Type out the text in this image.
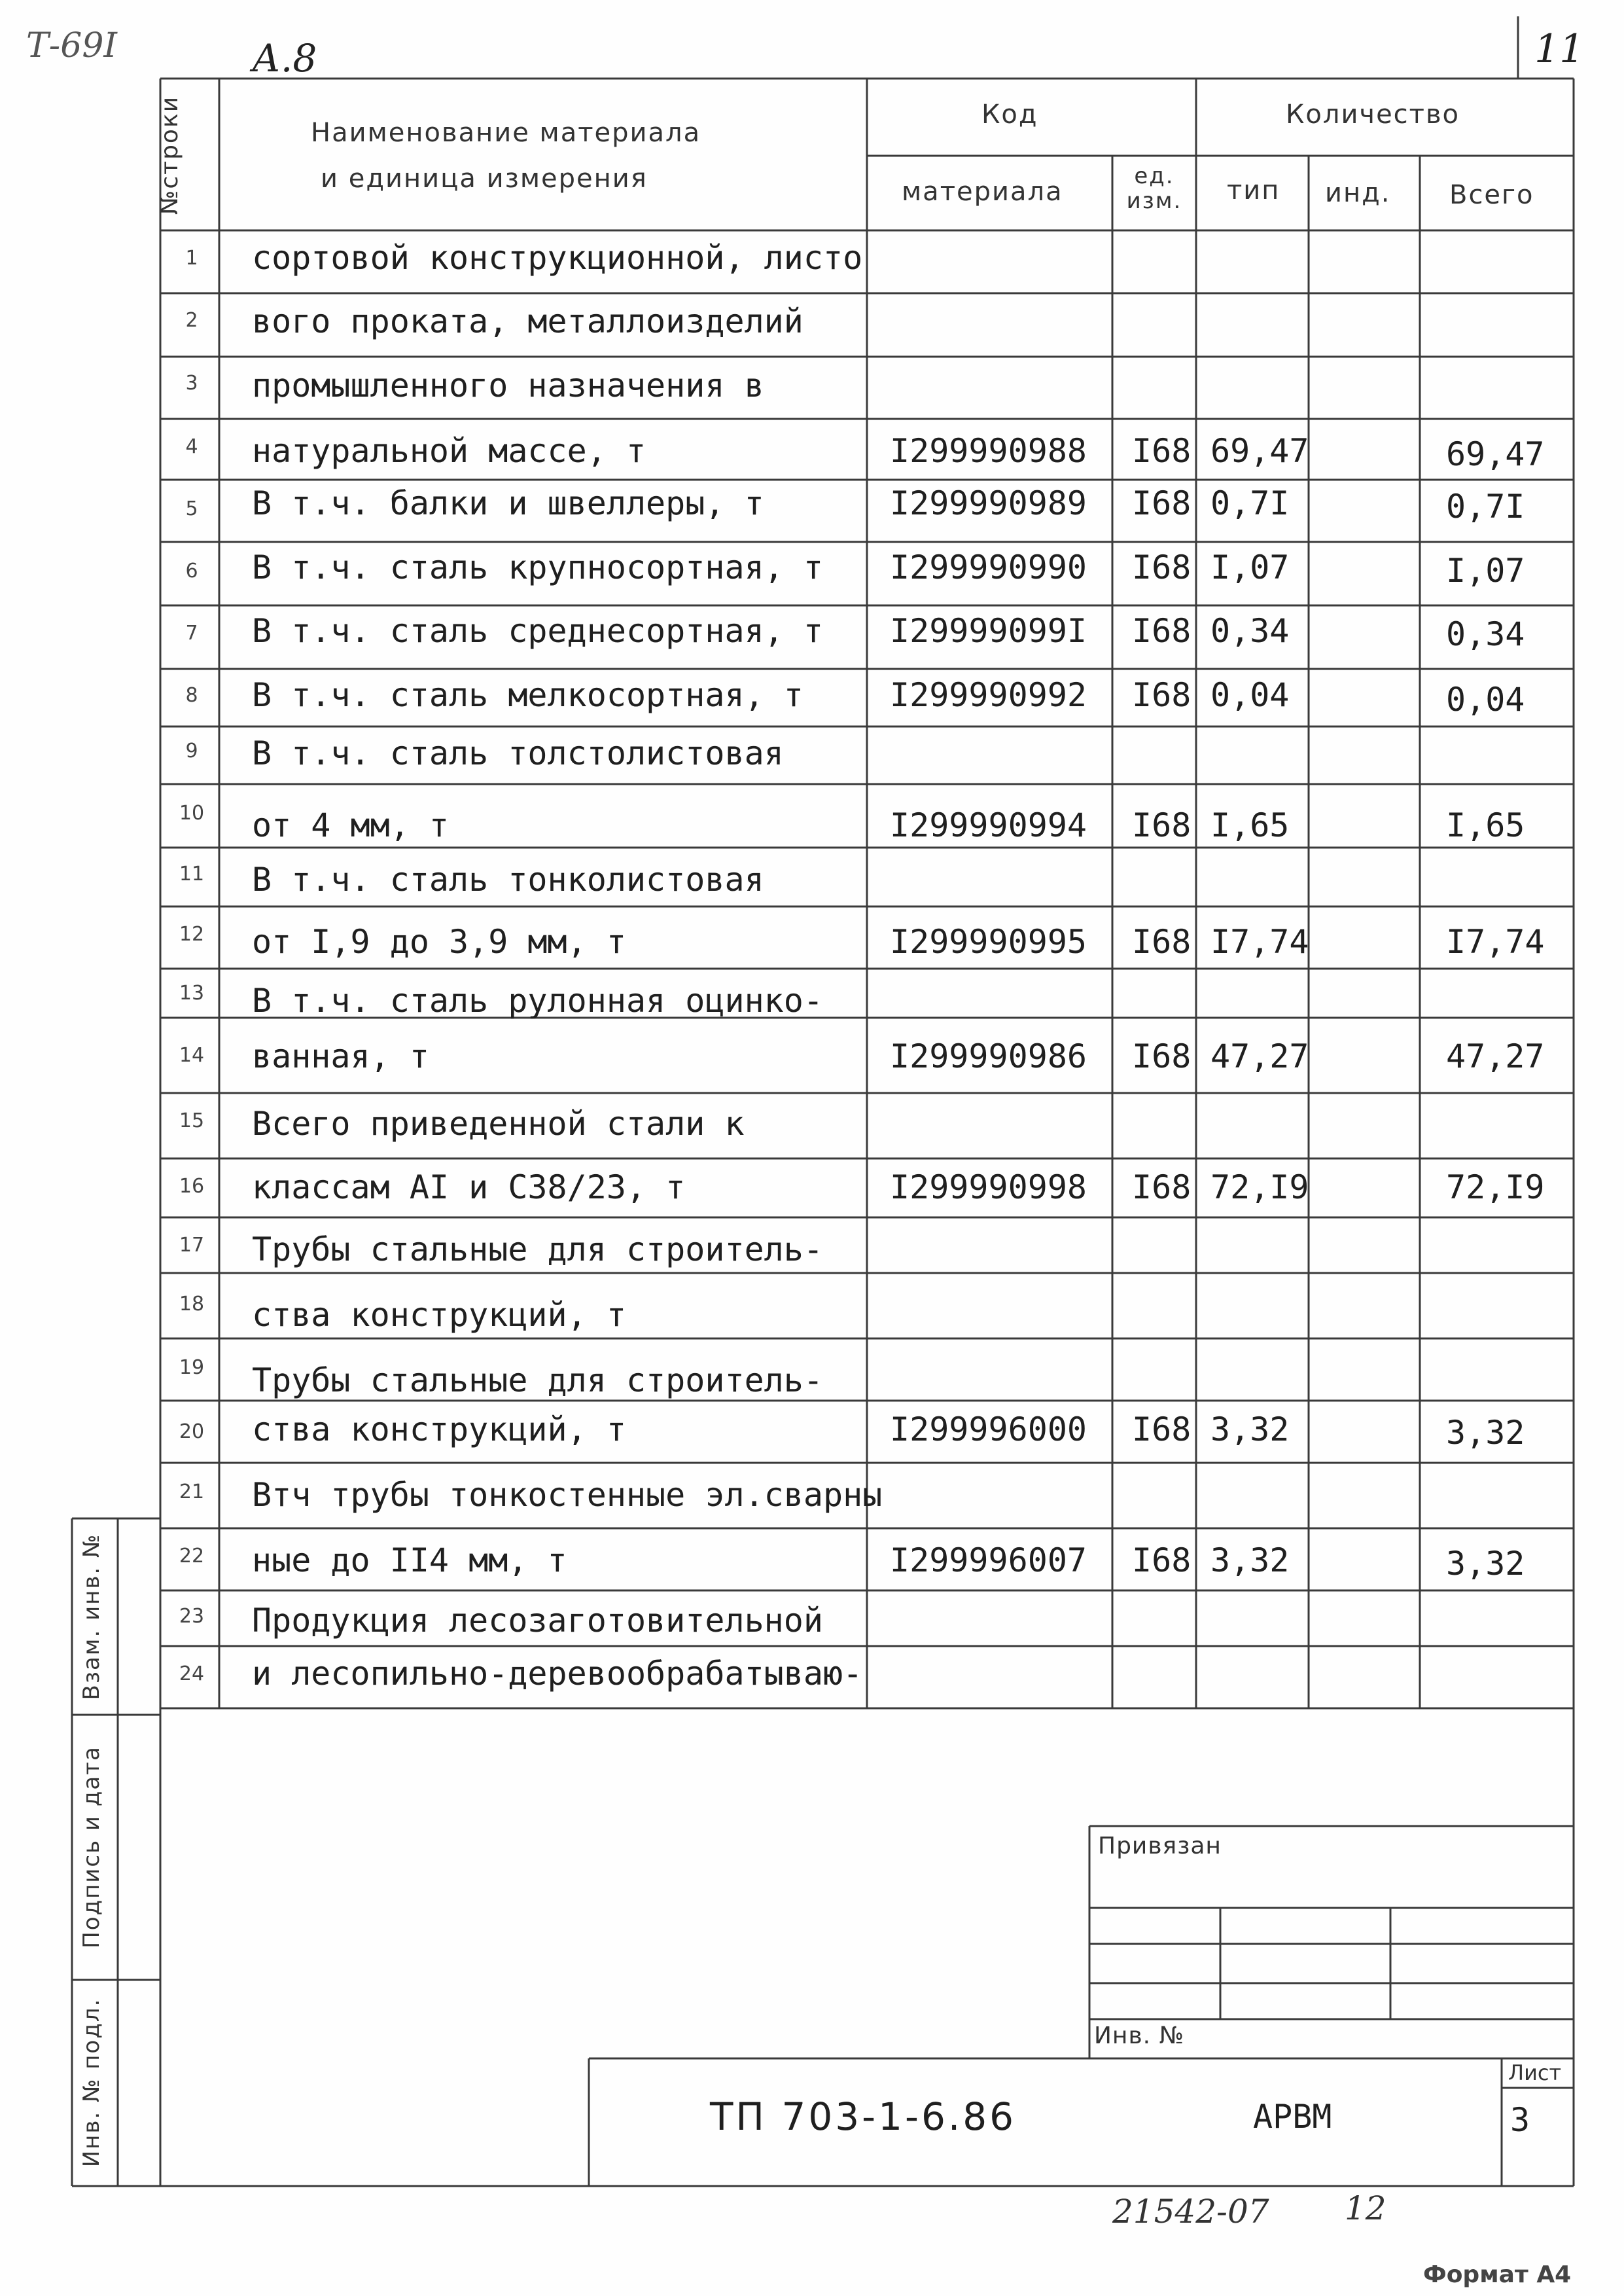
Т-69I	А.8	11
№строки	Наименование материала
и единица измерения
Код	Количество
материала
ед. изм.	тип инд. Всего
1	сортовой конструкционной, листо
2	вого проката, металлоизделий
3	промышленного назначения в
4	натуральной массе, т	I299990988 I68 69,47	69,47
5	В т.ч. балки и швеллеры, т	I299990989 I68 0,7I	0,7I
6	В т.ч. сталь крупносортная, т I299990990 I68 I,07	I,07
7	В т.ч. сталь среднесортная, т I29999099I I68 0,34	0,34
8	В т.ч. сталь мелкосортная, т	I299990992 I68 0,04	0,04
9	В т.ч. сталь толстолистовая
10	от 4 мм, т	I299990994 I68 I,65	I,65
11	В т.ч. сталь тонколистовая
12	от I,9 до 3,9 мм, т	I299990995 I68 I7,74	I7,74
13	В т.ч. сталь рулонная оцинко-
14	ванная, т	I299990986 I68 47,27	47,27
15	Всего приведенной стали к
16	классам АI и С38/23, т	I299990998 I68 72,I9	72,I9
17	Трубы стальные для строитель-
18	ства конструкций, т
19	Трубы стальные для строитель-
20	ства конструкций, т	I299996000 I68 3,32	3,32
21	Втч трубы тонкостенные эл.сварны
22	ные до II4 мм, т	I299996007 I68 3,32	3,32
23	Продукция лесозаготовительной
24	и лесопильно-деревообрабатываю-
Взам. инв. №
Подпись и дата
Инв. № подл.
Привязан
Инв. №
ТП 703-1-6.86	АРВМ
Лист
3
21542-07 12
Формат А4
